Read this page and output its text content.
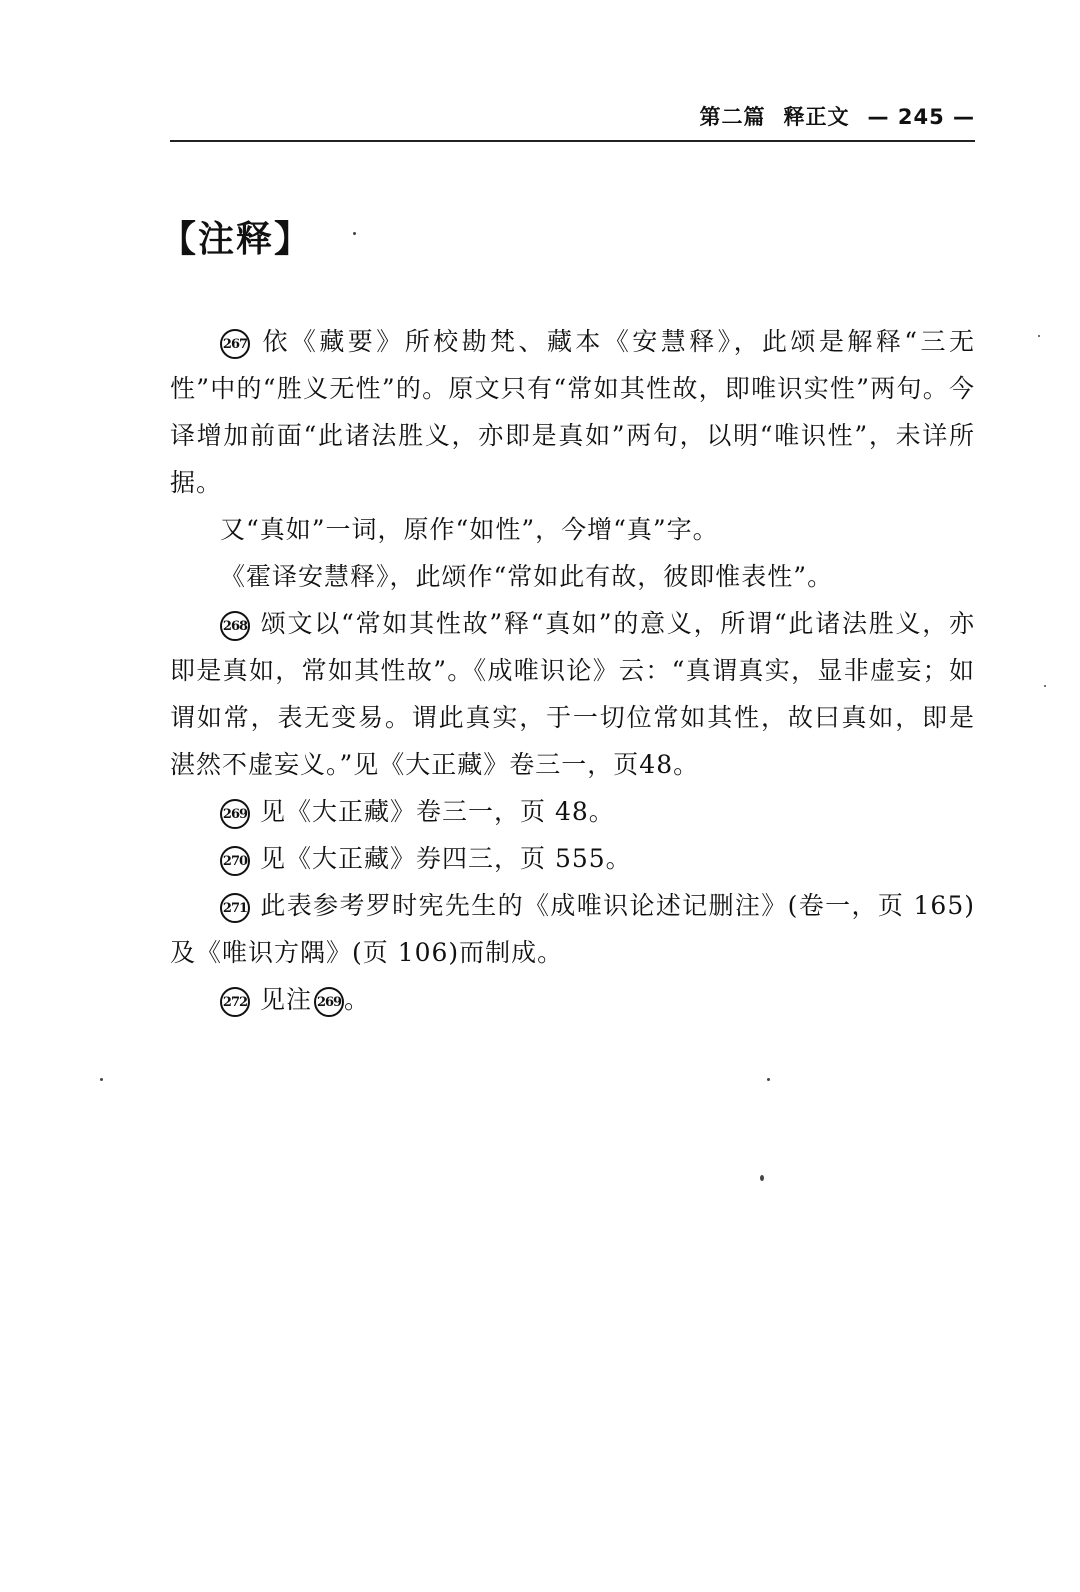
第二篇 释正文 — 245 —
【注释】

267 依《藏要》所校勘梵、藏本《安慧释》，此颂是解释“三无性”中的“胜义无性”的。原文只有“常如其性故，即唯识实性”两句。今译增加前面“此诸法胜义，亦即是真如”两句，以明“唯识性”，未详所据。

又“真如”一词，原作“如性”，今增“真”字。

《霍译安慧释》，此颂作“常如此有故，彼即惟表性”。

268 颂文以“常如其性故”释“真如”的意义，所谓“此诸法胜义，亦即是真如，常如其性故”。《成唯识论》云：“真谓真实，显非虚妄；如谓如常，表无变易。谓此真实，于一切位常如其性，故曰真如，即是湛然不虚妄义。”见《大正藏》卷三一，页48。

269 见《大正藏》卷三一，页 48。

270 见《大正藏》券四三，页 555。

271 此表参考罗时宪先生的《成唯识论述记删注》(卷一，页 165)及《唯识方隅》(页 106)而制成。

272 见注 269 。
